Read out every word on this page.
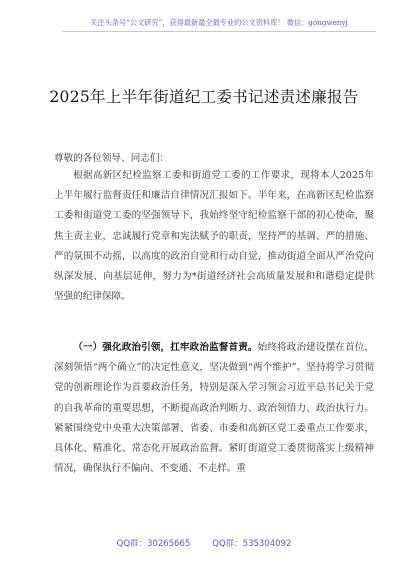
关注头条号“公文研究”，获得最新最全最专业的公文资料库！ 微信：gongwenyj
2025年上半年街道纪工委书记述责述廉报告
尊敬的各位领导、同志们：

根据高新区纪检监察工委和街道党工委的工作要求，现将本人2025年上半年履行监督责任和廉洁自律情况汇报如下。半年来，在高新区纪检监察工委和街道党工委的坚强领导下，我始终坚守纪检监察干部的初心使命，聚焦主责主业，忠诚履行党章和宪法赋予的职责，坚持严的基调、严的措施、严的氛围不动摇，以高度的政治自觉和行动自觉，推动街道全面从严治党向纵深发展、向基层延伸，努力为*街道经济社会高质量发展和和谐稳定提供坚强的纪律保障。

（一）强化政治引领，扛牢政治监督首责。始终将政治建设摆在首位，深刻领悟“两个确立”的决定性意义，坚决做到“两个维护”。坚持将学习贯彻党的创新理论作为首要政治任务，特别是深入学习领会习近平总书记关于党的自我革命的重要思想，不断提高政治判断力、政治领悟力、政治执行力。紧紧围绕党中央重大决策部署、省委、市委和高新区党工委重点工作要求，具体化、精准化、常态化开展政治监督。紧盯街道党工委贯彻落实上级精神情况，确保执行不偏向、不变通、不走样。重

QQ群：30265665	QQ群：535304092
